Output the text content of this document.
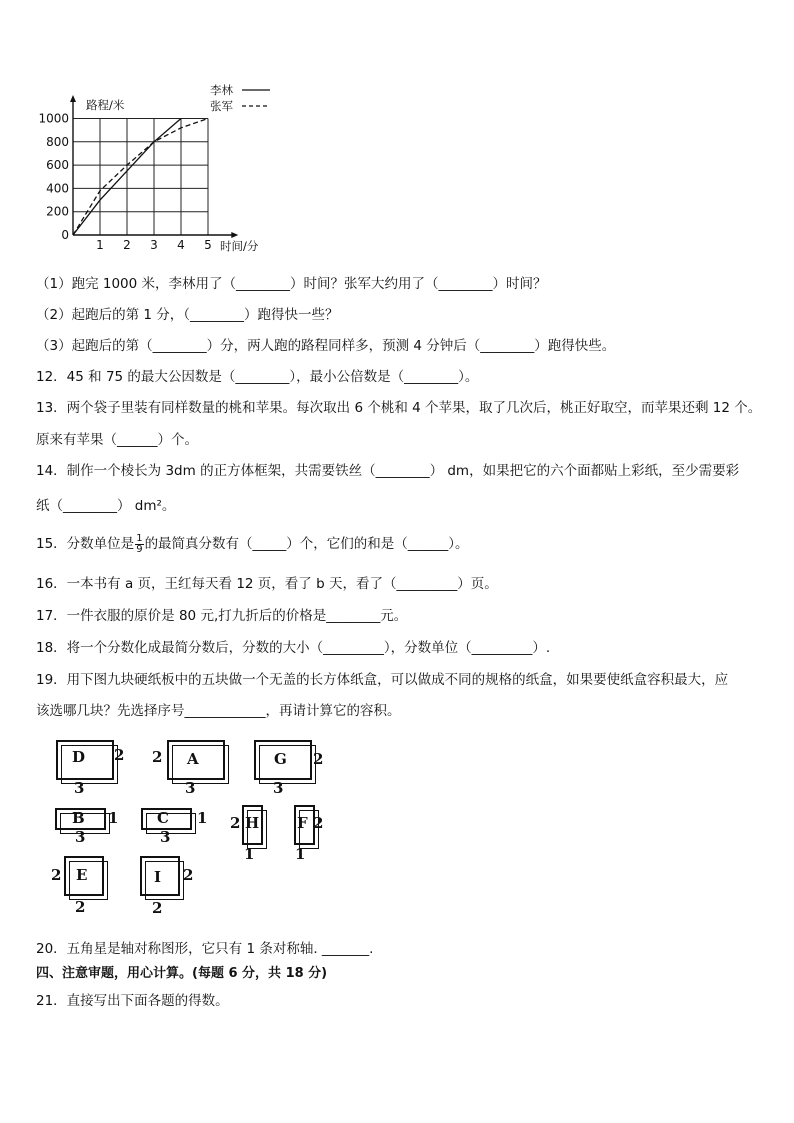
0
200
400
600
800
1000
1 2 3 4 5
路程/米
时间/分
李林
张军
（1）跑完 1000 米，李林用了（________）时间？张军大约用了（________）时间？
（2）起跑后的第 1 分，（________）跑得快一些？
（3）起跑后的第（________）分，两人跑的路程同样多，预测 4 分钟后（________）跑得快些。
12．45 和 75 的最大公因数是（________），最小公倍数是（________）。
13．两个袋子里装有同样数量的桃和苹果。每次取出 6 个桃和 4 个苹果，取了几次后，桃正好取空，而苹果还剩 12 个。
原来有苹果（______）个。
14．制作一个棱长为 3dm 的正方体框架，共需要铁丝（________） dm，如果把它的六个面都贴上彩纸，至少需要彩
纸（________） dm²。
15．分数单位是 $\frac{1}{9}$ 的最简真分数有（_____）个，它们的和是（______）。
16．一本书有 a 页，王红每天看 12 页，看了 b 天，看了（_________）页。
17．一件衣服的原价是 80 元,打九折后的价格是________元。
18．将一个分数化成最简分数后，分数的大小（_________），分数单位（_________）.
19．用下图九块硬纸板中的五块做一个无盖的长方体纸盒，可以做成不同的规格的纸盒，如果要使纸盒容积最大，应
该选哪几块？先选择序号____________，再请计算它的容积。
D 2
3
A
2
3
G 2
3
B 1
3
C 1
3
H
2
1
F 2
1
E
2
2
I 2
2
20．五角星是轴对称图形，它只有 1 条对称轴. _______.
四、注意审题，用心计算。(每题 6 分，共 18 分)
21．直接写出下面各题的得数。
